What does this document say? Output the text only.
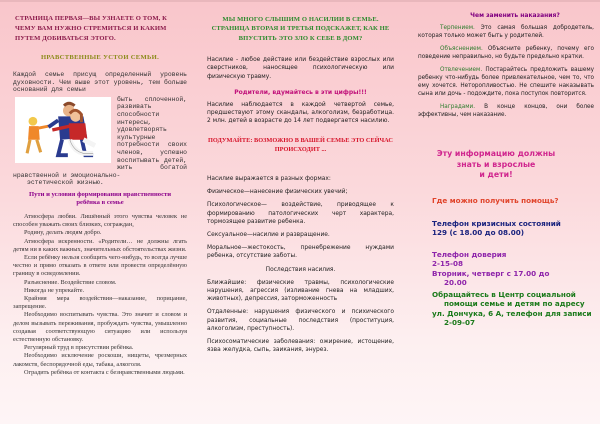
СТРАНИЦА ПЕРВАЯ—ВЫ УЗНАЕТЕ О ТОМ, К ЧЕМУ ВАМ НУЖНО СТРЕМИТЬСЯ И КАКИМ ПУТЕМ ДОБИВАТЬСЯ ЭТОГО.
НРАВСТВЕННЫЕ УСТОИ СЕМЬИ.
Каждой семье присущ определенный уровень духовности. Чем выше этот уровень, тем больше оснований для семьи
быть сплоченной, развивать способности интересы, удовлетворять культурные потребности своих членов, успешно воспитывать детей, жить богатой нравственной и эмоционально-
эстетической жизнью.
Пути и условия формирования нравственности ребёнка в семье

Атмосфера любви. Лишённый этого чувства человек не способен уважать своих близких, сограждан,

Родину, делать людям добро.

Атмосфера искренности. «Родители… не должны лгать детям ни в каких важных, значительных обстоятельствах жизни.

Если ребёнку нельзя сообщить чего-нибудь, то всегда лучше честно и прямо отказать в ответе или провести определённую границу в осведомлении.

Разъяснение. Воздействие словом.

Никогда не упрекайте.

Крайняя мера воздействия—наказание, порицание, запрещение.

Необходимо воспитывать чувства. Это значит и словом и делом вызывать переживания, пробуждать чувства, умышленно создавая соответствующую ситуацию или используя естественную обстановку.

Регулярный труд в присутствии ребёнка.

Необходимо исключение роскоши, нищеты, чрезмерных лакомств, беспорядочной еды, табака, алкоголя.

Оградить ребёнка от контакта с безнравственными людьми.

МЫ МНОГО СЛЫШИМ О НАСИЛИИ В СЕМЬЕ. СТРАНИЦА ВТОРАЯ И ТРЕТЬЯ ПОДСКАЖЕТ, КАК НЕ ВПУСТИТЬ ЭТО ЗЛО К СЕБЕ В ДОМ?
Насилие - любое действие или бездействие взрослых или сверстников, наносящее психологическую или физическую травму.
Родители, вдумайтесь в эти цифры!!!
Насилие наблюдается в каждой четвертой семье, предшествуют этому скандалы, алкоголизм, безработица. 2 млн. детей в возрасте до 14 лет подвергается насилию.
ПОДУМАЙТЕ: ВОЗМОЖНО В ВАШЕЙ СЕМЬЕ ЭТО СЕЙЧАС ПРОИСХОДИТ ...

Насилие выражается в разных формах:

Физическое—нанесение физических увечий;

Психологическое— воздействие, приводящее к формированию патологических черт характера, тормозящее развитие ребенка.

Сексуальное—насилие и развращение.

Моральное—жестокость, пренебрежение нуждами ребенка, отсутствие заботы.

Последствия насилия.

Ближайшие: физические травмы, психологические нарушения, агрессия (изливание гнева на младших, животных), депрессия, заторможенность

Отдаленные: нарушения физического и психического развития, социальные последствия (проституция, алкоголизм, преступность).

Психосоматические заболевания: ожирение, истощение, язва желудка, сыпь, заикания, энурез.

Чем заменить наказания?
Терпением. Это самая большая добродетель, которая только может быть у родителей.
Объяснением. Объясните ребенку, почему его поведение неправильно, но будьте предельно кратки.
Отвлечением. Постарайтесь предложить вашему ребенку что-нибудь более привлекательное, чем то, что ему хочется. Неторопливостью. Не спешите наказывать сына или дочь - подождите, пока поступок повторится.
Наградами. В конце концов, они более эффективны, чем наказание.
Эту информацию должны
знать и взрослые
и дети!
Где можно получить помощь?
Телефон кризисных состояний
129 (с 18.00 до 08.00)
Телефон доверия
2-15-08
Вторник, четверг с 17.00 до
20.00
Обращайтесь в Центр социальной помощи семье и детям по адресу
ул. Дончука, 6 А, телефон для записи 2-09-07
